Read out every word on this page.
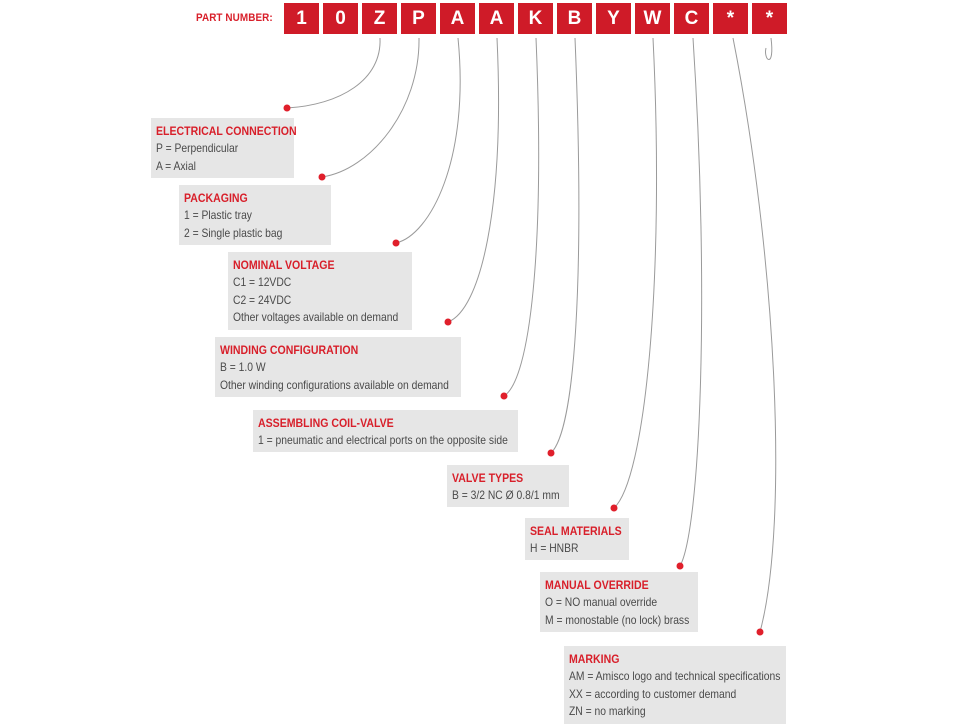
PART NUMBER:	1	0	Z	P	A	A	K	B	Y	W	C	*	*
ELECTRICAL CONNECTION
P = Perpendicular
A = Axial
PACKAGING
1 = Plastic tray
2 = Single plastic bag
NOMINAL VOLTAGE
C1 = 12VDC
C2 = 24VDC
Other voltages available on demand
WINDING CONFIGURATION
B = 1.0 W
Other winding configurations available on demand
ASSEMBLING COIL-VALVE
1 = pneumatic and electrical ports on the opposite side
VALVE TYPES
B = 3/2 NC Ø 0.8/1 mm
SEAL MATERIALS
H = HNBR
MANUAL OVERRIDE
O = NO manual override
M = monostable (no lock) brass
MARKING
AM = Amisco logo and technical specifications
XX = according to customer demand
ZN = no marking
